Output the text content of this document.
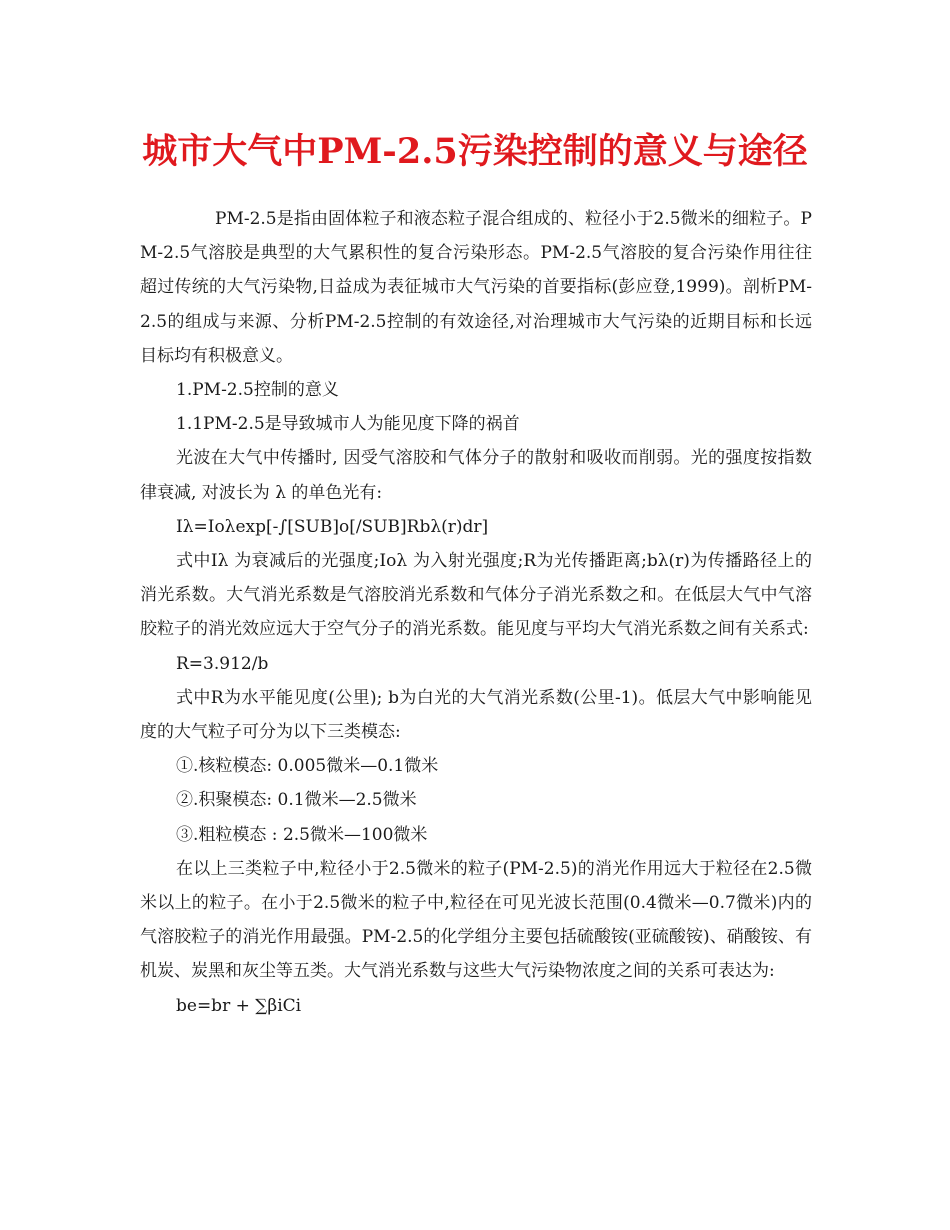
城市大气中PM-2.5污染控制的意义与途径

PM-2.5是指由固体粒子和液态粒子混合组成的、粒径小于2.5微米的细粒子。PM-2.5气溶胶是典型的大气累积性的复合污染形态。PM-2.5气溶胶的复合污染作用往往超过传统的大气污染物,日益成为表征城市大气污染的首要指标(彭应登,1999)。剖析PM-2.5的组成与来源、分析PM-2.5控制的有效途径,对治理城市大气污染的近期目标和长远目标均有积极意义。

1.PM-2.5控制的意义

1.1PM-2.5是导致城市人为能见度下降的祸首

光波在大气中传播时, 因受气溶胶和气体分子的散射和吸收而削弱。光的强度按指数律衰减, 对波长为 λ 的单色光有:

Iλ=Ioλexp[-∫[SUB]o[/SUB]Rbλ(r)dr]

式中Iλ 为衰减后的光强度;Ioλ 为入射光强度;R为光传播距离;bλ(r)为传播路径上的消光系数。大气消光系数是气溶胶消光系数和气体分子消光系数之和。在低层大气中气溶胶粒子的消光效应远大于空气分子的消光系数。能见度与平均大气消光系数之间有关系式:

R=3.912/b

式中R为水平能见度(公里); b为白光的大气消光系数(公里-1)。低层大气中影响能见度的大气粒子可分为以下三类模态:

①.核粒模态: 0.005微米—0.1微米

②.积聚模态: 0.1微米—2.5微米

③.粗粒模态 : 2.5微米—100微米

在以上三类粒子中,粒径小于2.5微米的粒子(PM-2.5)的消光作用远大于粒径在2.5微米以上的粒子。在小于2.5微米的粒子中,粒径在可见光波长范围(0.4微米—0.7微米)内的气溶胶粒子的消光作用最强。PM-2.5的化学组分主要包括硫酸铵(亚硫酸铵)、硝酸铵、有机炭、炭黑和灰尘等五类。大气消光系数与这些大气污染物浓度之间的关系可表达为:

be=br + ∑βiCi
